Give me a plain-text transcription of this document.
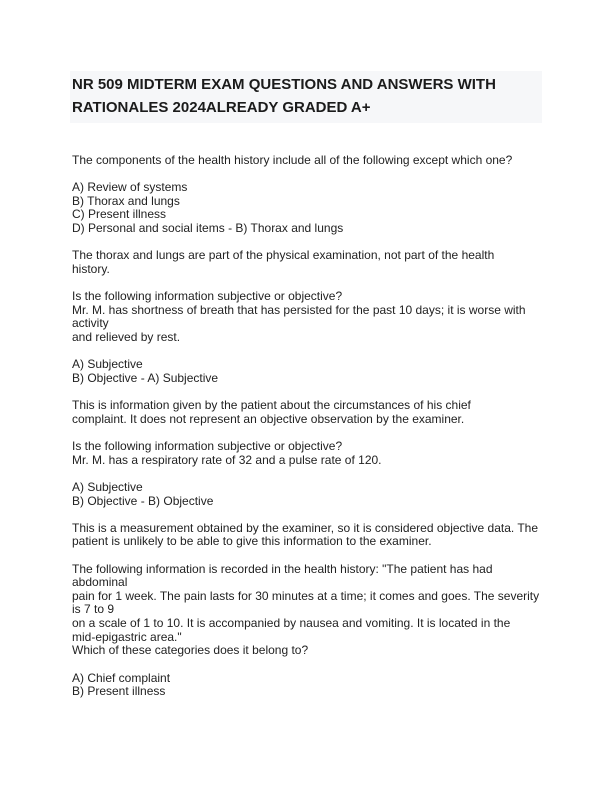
NR 509 MIDTERM EXAM QUESTIONS AND ANSWERS WITH
RATIONALES 2024ALREADY GRADED A+
The components of the health history include all of the following except which one?
A) Review of systems
B) Thorax and lungs
C) Present illness
D) Personal and social items - B) Thorax and lungs
The thorax and lungs are part of the physical examination, not part of the health
history.
Is the following information subjective or objective?
Mr. M. has shortness of breath that has persisted for the past 10 days; it is worse with
activity
and relieved by rest.
A) Subjective
B) Objective - A) Subjective
This is information given by the patient about the circumstances of his chief
complaint. It does not represent an objective observation by the examiner.
Is the following information subjective or objective?
Mr. M. has a respiratory rate of 32 and a pulse rate of 120.
A) Subjective
B) Objective - B) Objective
This is a measurement obtained by the examiner, so it is considered objective data. The
patient is unlikely to be able to give this information to the examiner.
The following information is recorded in the health history: "The patient has had
abdominal
pain for 1 week. The pain lasts for 30 minutes at a time; it comes and goes. The severity
is 7 to 9
on a scale of 1 to 10. It is accompanied by nausea and vomiting. It is located in the
mid-epigastric area."
Which of these categories does it belong to?
A) Chief complaint
B) Present illness
